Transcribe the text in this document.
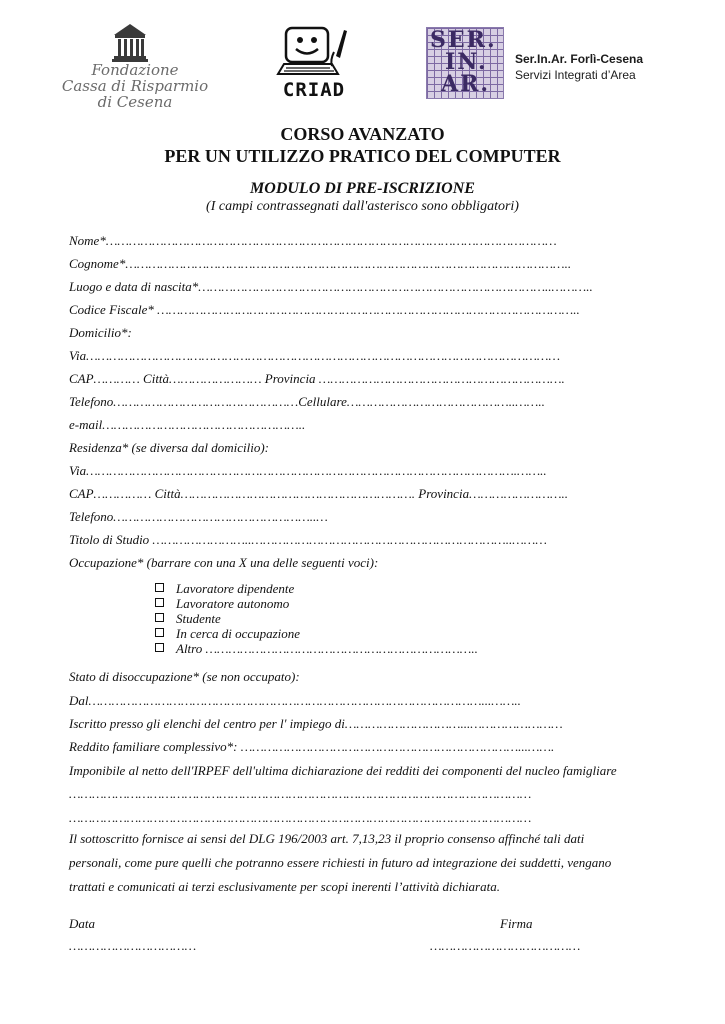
Fondazione
Cassa di Risparmio
di Cesena
CRIAD
SER.
IN.
AR.
Ser.In.Ar. Forlì-Cesena
Servizi Integrati d’Area
CORSO AVANZATO
PER UN UTILIZZO PRATICO DEL COMPUTER
MODULO DI PRE-ISCRIZIONE
(I campi contrassegnati dall'asterisco sono obbligatori)
Nome*………………………………………………………………………………………………………
Cognome*……………………………………………………………………………………………………..
Luogo e data di nascita*………………………………………………………………………………..………..
Codice Fiscale* ………………………………………………………………………………………………..
Domicilio*:
Via……………………………………………………………………………………………………………
CAP………… Città…………………… Provincia ……………………………………………………….
Telefono…………………………………………Cellulare……………………………………..……..
e-mail……………………………………………..
Residenza* (se diversa dal domicilio):
Via………………………………………………………………………………………………….……..
CAP…………… Città……………………………………………………. Provincia……………………..
Telefono……………………………………………..…
Titolo di Studio ……………………..…………………………………………………………..………
Occupazione* (barrare con una X una delle seguenti voci):
Lavoratore dipendente
Lavoratore autonomo
Studente
In cerca di occupazione
Altro ……………………………………………………………..
Stato di disoccupazione* (se non occupato):
Dal…………………………………………………………………………………………...……..
Iscritto presso gli elenchi del centro per l' impiego di…………………………...……………………
Reddito familiare complessivo*: ………………………………………………………………...…….
Imponibile al netto dell'IRPEF dell'ultima dichiarazione dei redditi dei componenti del nucleo famigliare
…………………………………………………………………………………………………………
…………………………………………………………………………………………………………
Il sottoscritto fornisce ai sensi del DLG 196/2003 art. 7,13,23 il proprio consenso affinché tali dati
personali, come pure quelli che potranno essere richiesti in futuro ad integrazione dei suddetti, vengano
trattati e comunicati ai terzi esclusivamente per scopi inerenti l’attività dichiarata.
Data
……………………………
Firma
…………………………………
